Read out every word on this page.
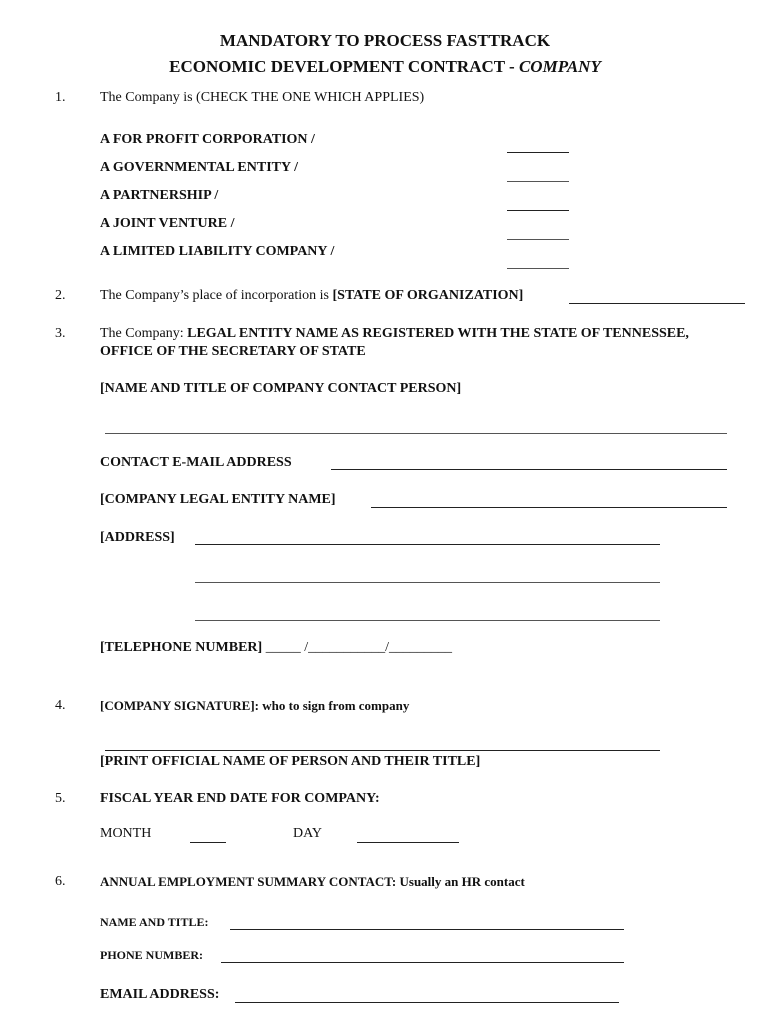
MANDATORY TO PROCESS FASTTRACK
ECONOMIC DEVELOPMENT CONTRACT - COMPANY
1. The Company is (CHECK THE ONE WHICH APPLIES)
A FOR PROFIT CORPORATION /
A GOVERNMENTAL ENTITY /
A PARTNERSHIP /
A JOINT VENTURE /
A LIMITED LIABILITY COMPANY /
2. The Company’s place of incorporation is [STATE OF ORGANIZATION]
3. The Company: LEGAL ENTITY NAME AS REGISTERED WITH THE STATE OF TENNESSEE,
OFFICE OF THE SECRETARY OF STATE
[NAME AND TITLE OF COMPANY CONTACT PERSON]
CONTACT E-MAIL ADDRESS
[COMPANY LEGAL ENTITY NAME]
[ADDRESS]
[TELEPHONE NUMBER] _____ /___________/_________
4.	[COMPANY SIGNATURE]: who to sign from company
[PRINT OFFICIAL NAME OF PERSON AND THEIR TITLE]
5. FISCAL YEAR END DATE FOR COMPANY:
MONTH	DAY
6.	ANNUAL EMPLOYMENT SUMMARY CONTACT: Usually an HR contact
NAME AND TITLE:
PHONE NUMBER:
EMAIL ADDRESS:
